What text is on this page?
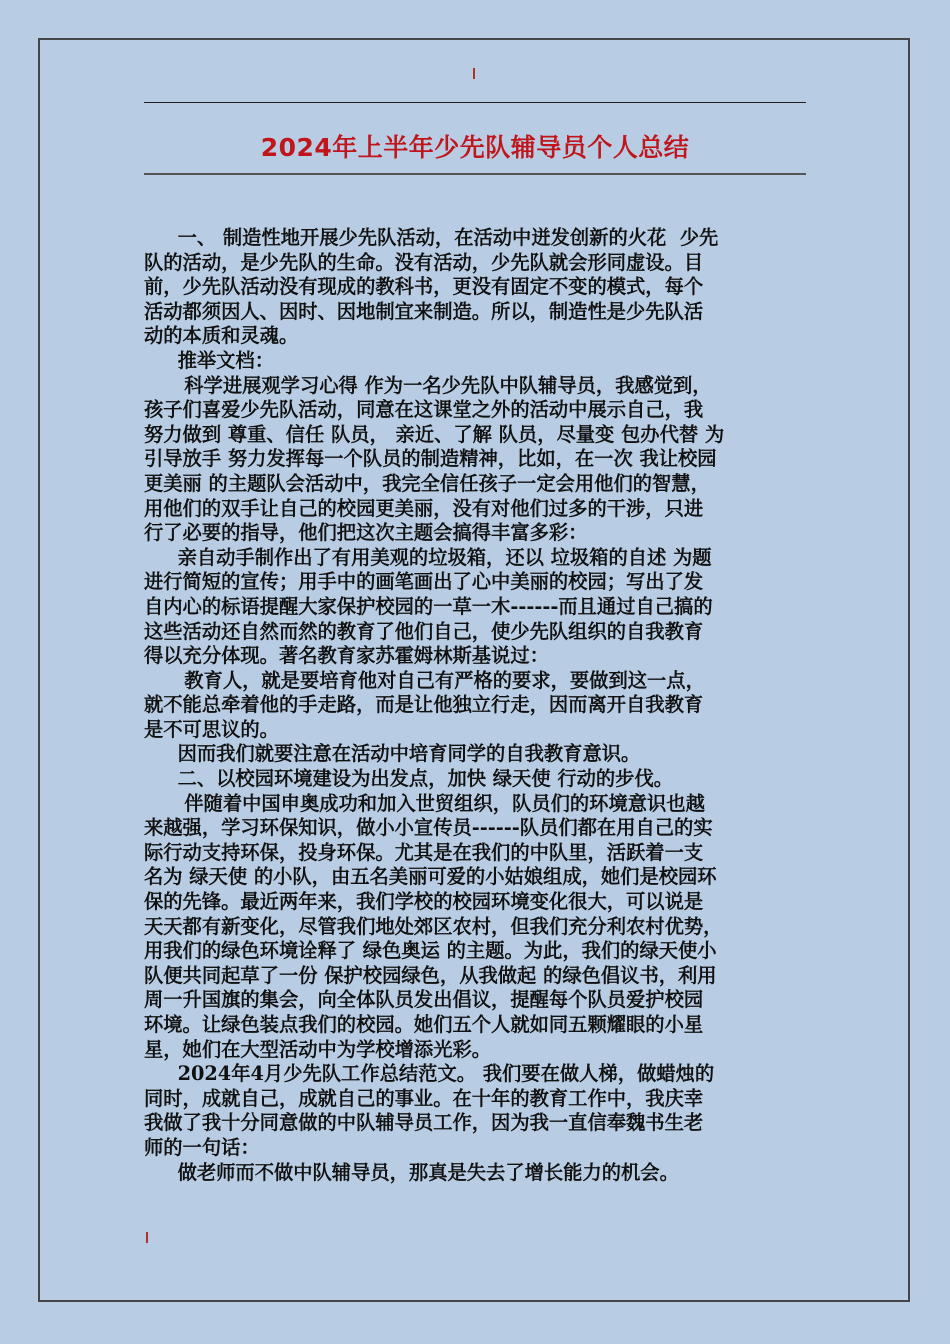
2024年上半年少先队辅导员个人总结

一、 制造性地开展少先队活动，在活动中迸发创新的火花  少先

队的活动，是少先队的生命。没有活动，少先队就会形同虚设。目

前，少先队活动没有现成的教科书，更没有固定不变的模式，每个

活动都须因人、因时、因地制宜来制造。所以，制造性是少先队活

动的本质和灵魂。

推举文档：

科学进展观学习心得 作为一名少先队中队辅导员，我感觉到，

孩子们喜爱少先队活动，同意在这课堂之外的活动中展示自己，我

努力做到 尊重、信任 队员， 亲近、了解 队员，尽量变 包办代替 为

引导放手 努力发挥每一个队员的制造精神，比如，在一次 我让校园

更美丽 的主题队会活动中，我完全信任孩子一定会用他们的智慧，

用他们的双手让自己的校园更美丽，没有对他们过多的干涉，只进

行了必要的指导，他们把这次主题会搞得丰富多彩：

亲自动手制作出了有用美观的垃圾箱，还以 垃圾箱的自述 为题

进行简短的宣传；用手中的画笔画出了心中美丽的校园；写出了发

自内心的标语提醒大家保护校园的一草一木------而且通过自己搞的

这些活动还自然而然的教育了他们自己，使少先队组织的自我教育

得以充分体现。著名教育家苏霍姆林斯基说过：

教育人，就是要培育他对自己有严格的要求，要做到这一点，

就不能总牵着他的手走路，而是让他独立行走，因而离开自我教育

是不可思议的。

因而我们就要注意在活动中培育同学的自我教育意识。

二、以校园环境建设为出发点，加快 绿天使 行动的步伐。

伴随着中国申奥成功和加入世贸组织，队员们的环境意识也越

来越强，学习环保知识，做小小宣传员------队员们都在用自己的实

际行动支持环保，投身环保。尤其是在我们的中队里，活跃着一支

名为 绿天使 的小队，由五名美丽可爱的小姑娘组成，她们是校园环

保的先锋。最近两年来，我们学校的校园环境变化很大，可以说是

天天都有新变化，尽管我们地处郊区农村，但我们充分利农村优势，

用我们的绿色环境诠释了 绿色奥运 的主题。为此，我们的绿天使小

队便共同起草了一份 保护校园绿色，从我做起 的绿色倡议书，利用

周一升国旗的集会，向全体队员发出倡议，提醒每个队员爱护校园

环境。让绿色装点我们的校园。她们五个人就如同五颗耀眼的小星

星，她们在大型活动中为学校增添光彩。

2024年4月少先队工作总结范文。 我们要在做人梯，做蜡烛的

同时，成就自己，成就自己的事业。在十年的教育工作中，我庆幸

我做了我十分同意做的中队辅导员工作，因为我一直信奉魏书生老

师的一句话：

做老师而不做中队辅导员，那真是失去了增长能力的机会。
